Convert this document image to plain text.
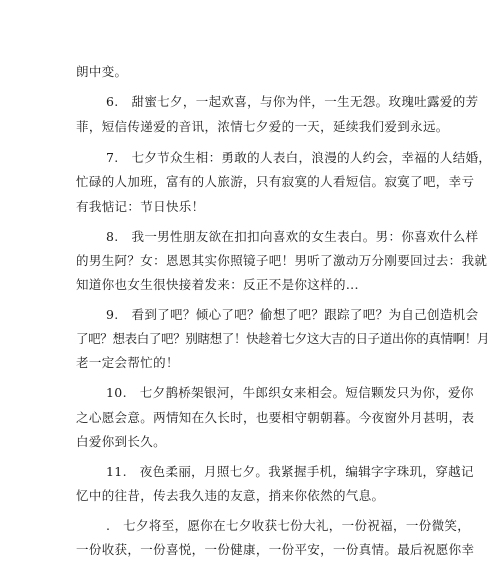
朗中变。
6.　甜蜜七夕，一起欢喜，与你为伴，一生无怨。玫瑰吐露爱的芳
菲，短信传递爱的音讯，浓情七夕爱的一天，延续我们爱到永远。
7.　七夕节众生相：勇敢的人表白，浪漫的人约会，幸福的人结婚，
忙碌的人加班，富有的人旅游，只有寂寞的人看短信。寂寞了吧，幸亏
有我惦记：节日快乐！
8.　我一男性朋友欲在扣扣向喜欢的女生表白。男：你喜欢什么样
的男生阿？女：恩恩其实你照镜子吧！男听了激动万分刚要回过去：我就
知道你也女生很快接着发来：反正不是你这样的...
9.　看到了吧？倾心了吧？偷想了吧？跟踪了吧？为自己创造机会
了吧？想表白了吧？别瞎想了！快趁着七夕这大吉的日子道出你的真情啊！月
老一定会帮忙的！
10.　七夕鹊桥架银河，牛郎织女来相会。短信颗发只为你，爱你
之心愿会意。两情知在久长时，也要相守朝朝暮。今夜窗外月甚明，表
白爱你到长久。
11.　夜色柔丽，月照七夕。我紧握手机，编辑字字珠玑，穿越记
忆中的往昔，传去我久违的友意，捎来你依然的气息。
.　七夕将至，愿你在七夕收获七份大礼，一份祝福，一份微笑，
一份收获，一份喜悦，一份健康，一份平安，一份真情。最后祝愿你幸
